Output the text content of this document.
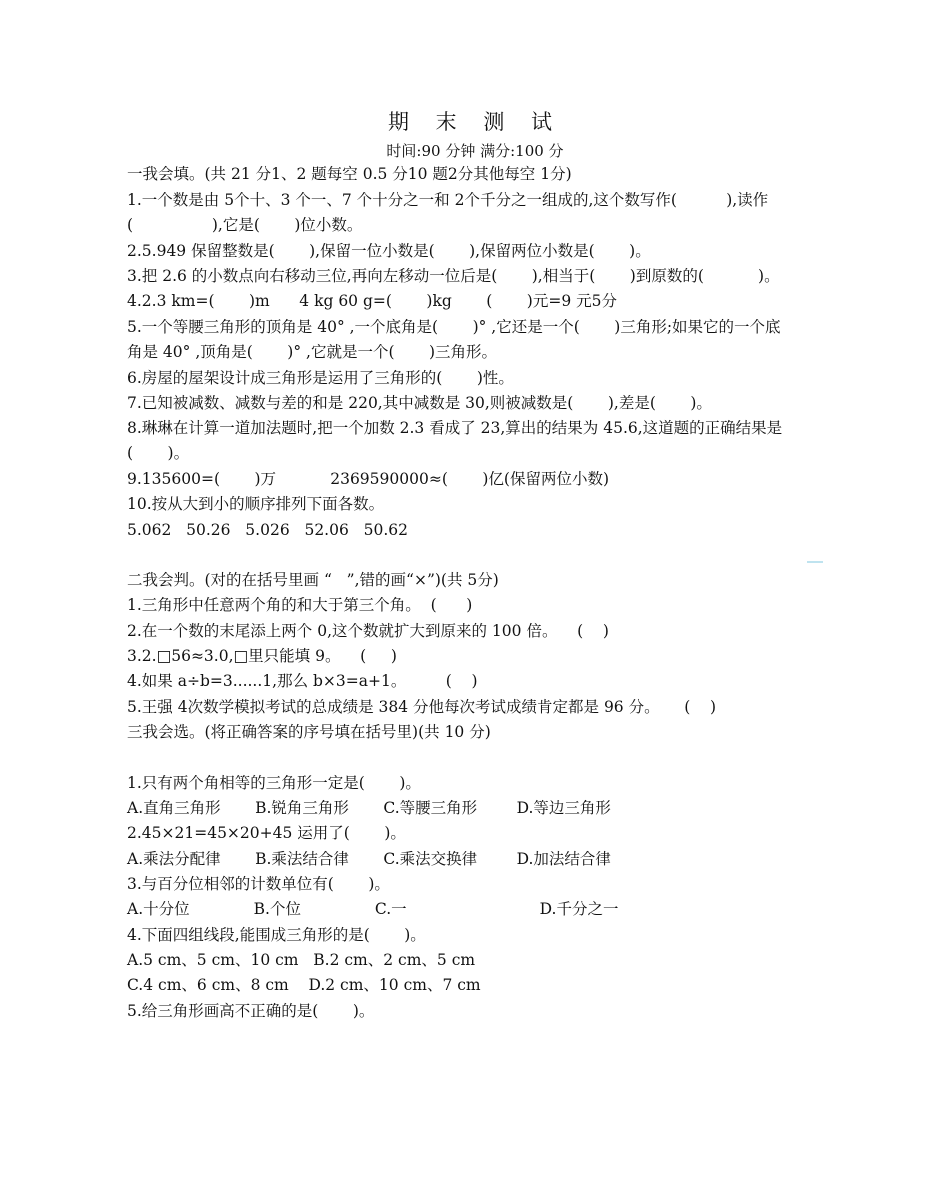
期 末 测 试
时间:90 分钟 满分:100 分
一我会填。(共 21 分1、2 题每空 0.5 分10 题2分其他每空 1分)
1.一个数是由 5个十、3 个一、7 个十分之一和 2个千分之一组成的,这个数写作(          ),读作
(                ),它是(       )位小数。
2.5.949 保留整数是(       ),保留一位小数是(       ),保留两位小数是(       )。
3.把 2.6 的小数点向右移动三位,再向左移动一位后是(       ),相当于(       )到原数的(           )。
4.2.3 km=(       )m      4 kg 60 g=(       )kg       (       )元=9 元5分
5.一个等腰三角形的顶角是 40° ,一个底角是(       )° ,它还是一个(       )三角形;如果它的一个底
角是 40° ,顶角是(       )° ,它就是一个(       )三角形。
6.房屋的屋架设计成三角形是运用了三角形的(       )性。
7.已知被减数、减数与差的和是 220,其中减数是 30,则被减数是(       ),差是(       )。
8.琳琳在计算一道加法题时,把一个加数 2.3 看成了 23,算出的结果为 45.6,这道题的正确结果是
(       )。
9.135600=(       )万           2369590000≈(       )亿(保留两位小数)
10.按从大到小的顺序排列下面各数。
5.062   50.26   5.026   52.06   50.62
二我会判。(对的在括号里画 “   ”,错的画“×”)(共 5分)
1.三角形中任意两个角的和大于第三个角。  (      )
2.在一个数的末尾添上两个 0,这个数就扩大到原来的 100 倍。    (    )
3.2.□56≈3.0,□里只能填 9。    (     )
4.如果 a÷b=3......1,那么 b×3=a+1。        (    )
5.王强 4次数学模拟考试的总成绩是 384 分他每次考试成绩肯定都是 96 分。     (    )
三我会选。(将正确答案的序号填在括号里)(共 10 分)
1.只有两个角相等的三角形一定是(       )。
A.直角三角形       B.锐角三角形       C.等腰三角形        D.等边三角形
2.45×21=45×20+45 运用了(       )。
A.乘法分配律       B.乘法结合律       C.乘法交换律        D.加法结合律
3.与百分位相邻的计数单位有(       )。
A.十分位             B.个位               C.一                           D.千分之一
4.下面四组线段,能围成三角形的是(       )。
A.5 cm、5 cm、10 cm   B.2 cm、2 cm、5 cm
C.4 cm、6 cm、8 cm    D.2 cm、10 cm、7 cm
5.给三角形画高不正确的是(       )。
